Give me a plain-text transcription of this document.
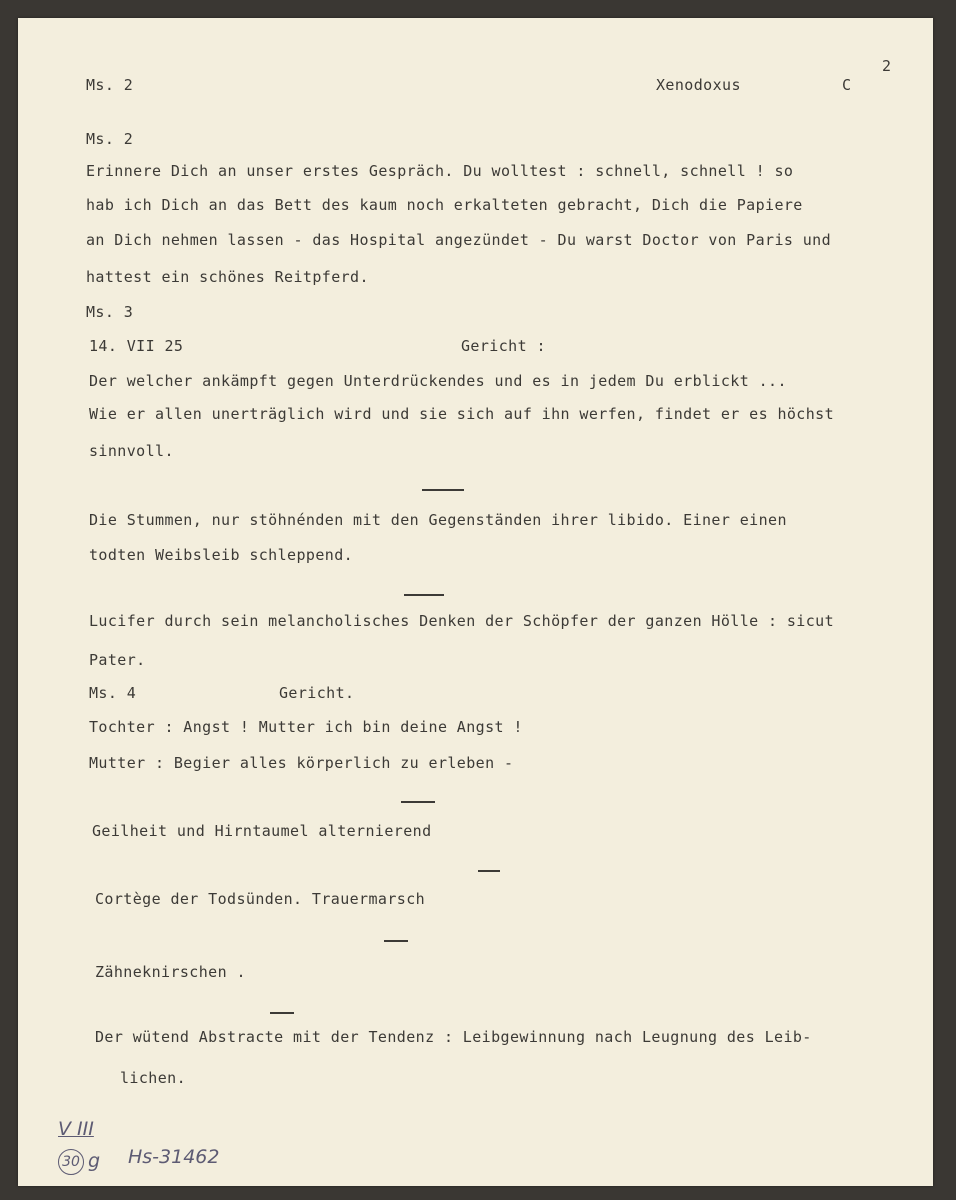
2
Ms. 2	Xenodoxus	C
Ms. 2
Erinnere Dich an unser erstes Gespräch. Du wolltest : schnell, schnell ! so
hab ich Dich an das Bett des kaum noch erkalteten gebracht, Dich die Papiere
an Dich nehmen lassen - das Hospital angezündet - Du warst Doctor von Paris und
hattest ein schönes Reitpferd.
Ms. 3
14. VII 25	Gericht :
Der welcher ankämpft gegen Unterdrückendes und es in jedem Du erblickt ...
Wie er allen unerträglich wird und sie sich auf ihn werfen, findet er es höchst
sinnvoll.
Die Stummen, nur stöhnénden mit den Gegenständen ihrer libido. Einer einen
todten Weibsleib schleppend.
Lucifer durch sein melancholisches Denken der Schöpfer der ganzen Hölle : sicut
Pater.
Ms. 4	Gericht.
Tochter : Angst ! Mutter ich bin deine Angst !
Mutter : Begier alles körperlich zu erleben -
Geilheit und Hirntaumel alternierend
Cortège der Todsünden. Trauermarsch
Zähneknirschen .
Der wütend Abstracte mit der Tendenz : Leibgewinnung nach Leugnung des Leib-
lichen.
V III
30 g Hs-31462
